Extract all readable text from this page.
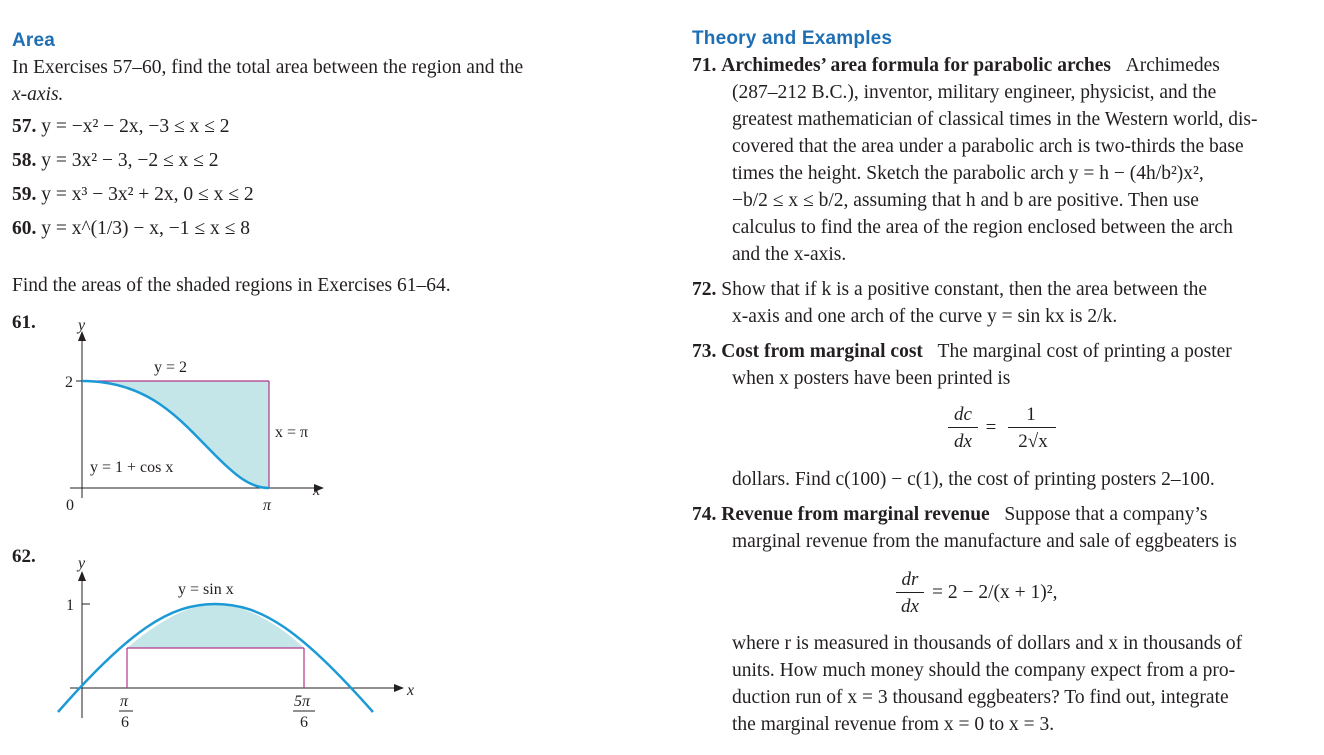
Area
In Exercises 57–60, find the total area between the region and the
x-axis.
57. y = −x² − 2x, −3 ≤ x ≤ 2
58. y = 3x² − 3, −2 ≤ x ≤ 2
59. y = x³ − 3x² + 2x, 0 ≤ x ≤ 2
60. y = x^(1/3) − x, −1 ≤ x ≤ 8
Find the areas of the shaded regions in Exercises 61–64.
61.	y
x
2
0	π
y = 2
x = π
y = 1 + cos x
62.	y
x
1
y = sin x
π
6
5π
6
Theory and Examples
71. Archimedes’ area formula for parabolic arches Archimedes
(287–212 B.C.), inventor, military engineer, physicist, and the
greatest mathematician of classical times in the Western world, dis-
covered that the area under a parabolic arch is two-thirds the base
times the height. Sketch the parabolic arch y = h − (4h/b²)x²,
−b/2 ≤ x ≤ b/2, assuming that h and b are positive. Then use
calculus to find the area of the region enclosed between the arch
and the x-axis.
72. Show that if k is a positive constant, then the area between the
x-axis and one arch of the curve y = sin kx is 2/k.
73. Cost from marginal cost The marginal cost of printing a poster
when x posters have been printed is
dc
dx
=
1
2√x
dollars. Find c(100) − c(1), the cost of printing posters 2–100.
74. Revenue from marginal revenue Suppose that a company’s
marginal revenue from the manufacture and sale of eggbeaters is
dr
dx
= 2 − 2/(x + 1)²,
where r is measured in thousands of dollars and x in thousands of
units. How much money should the company expect from a pro-
duction run of x = 3 thousand eggbeaters? To find out, integrate
the marginal revenue from x = 0 to x = 3.
